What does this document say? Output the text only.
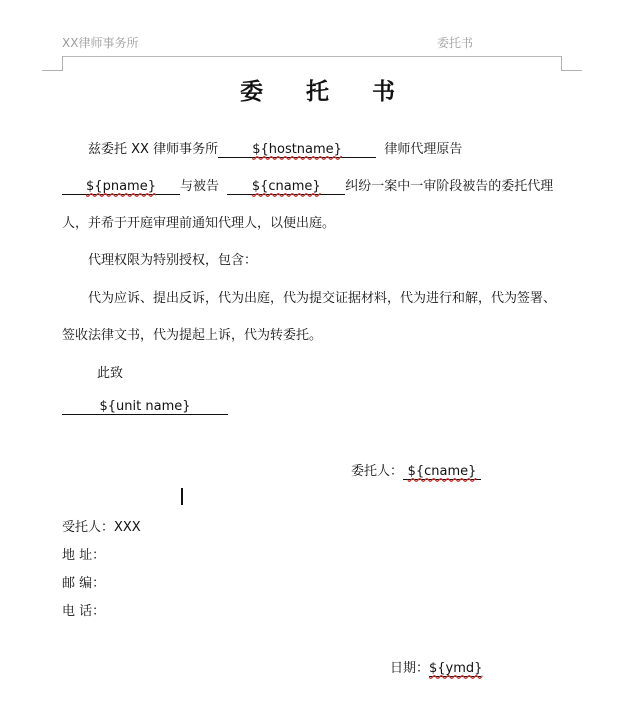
XX律师事务所	委托书
委 托 书
兹委托 XX 律师事务所	${hostname}	律师代理原告
${pname} 与被告	${cname} 纠纷一案中一审阶段被告的委托代理
人，并希于开庭审理前通知代理人，以便出庭。
代理权限为特别授权，包含：
代为应诉、提出反诉，代为出庭，代为提交证据材料，代为进行和解，代为签署、
签收法律文书，代为提起上诉，代为转委托。
此致
${unit name}
委托人： ${cname}
受托人：XXX
地 址：
邮 编：
电 话：
日期：${ymd}
